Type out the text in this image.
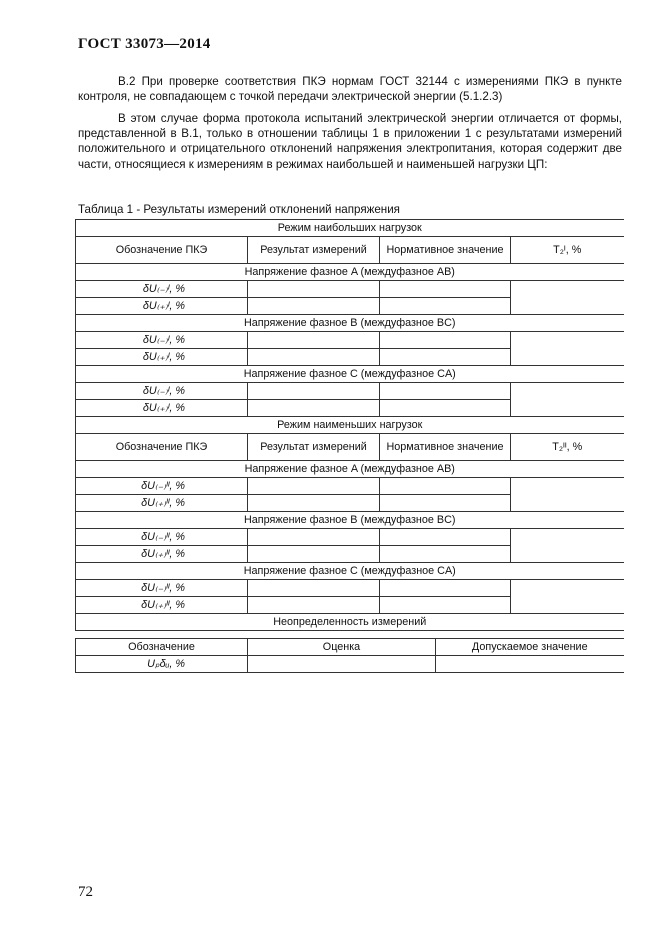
ГОСТ 33073—2014
В.2 При проверке соответствия ПКЭ нормам ГОСТ 32144 с измерениями ПКЭ в пункте контроля, не совпадающем с точкой передачи электрической энергии (5.1.2.3)
В этом случае форма протокола испытаний электрической энергии отличается от формы, представленной в В.1, только в отношении таблицы 1 в приложении 1 с результатами измерений положительного и отрицательного отклонений напряжения электропитания, которая содержит две части, относящиеся к измерениям в режимах наибольшей и наименьшей нагрузки ЦП:
Таблица 1 - Результаты измерений отклонений напряжения
Режим наибольших нагрузок			
Обозначение ПКЭ	Результат измерений	Нормативное значение	T₂ᴵ, %
Напряжение фазное A (междуфазное AB)			
δU₍₋₎ᴵ, %			
δU₍₊₎ᴵ, %			
Напряжение фазное B (междуфазное BC)			
δU₍₋₎ᴵ, %			
δU₍₊₎ᴵ, %			
Напряжение фазное C (междуфазное CA)			
δU₍₋₎ᴵ, %			
δU₍₊₎ᴵ, %			
Режим наименьших нагрузок			
Обозначение ПКЭ	Результат измерений	Нормативное значение	T₂ᴵᴵ, %
Напряжение фазное A (междуфазное AB)			
δU₍₋₎ᴵᴵ, %			
δU₍₊₎ᴵᴵ, %			
Напряжение фазное B (междуфазное BC)			
δU₍₋₎ᴵᴵ, %			
δU₍₊₎ᴵᴵ, %			
Напряжение фазное C (междуфазное CA)			
δU₍₋₎ᴵᴵ, %			
δU₍₊₎ᴵᴵ, %			
Неопределенность измерений			
Обозначение	Оценка	Допускаемое значение
Uₚδᵤ, %		
72
